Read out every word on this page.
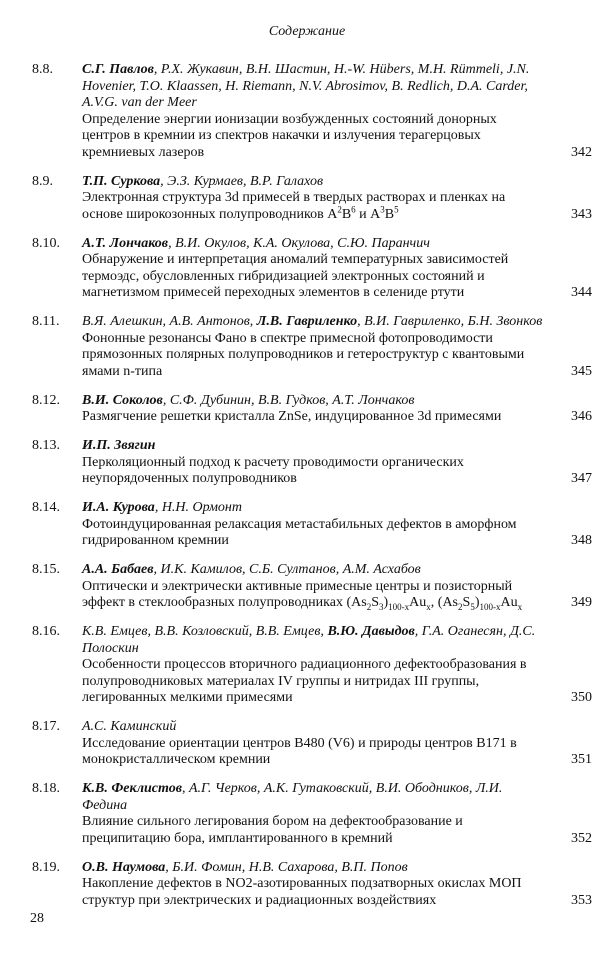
Содержание
8.8. С.Г. Павлов, Р.Х. Жукавин, В.Н. Шастин, H.-W. Hübers, M.H. Rümmeli, J.N. Hovenier, T.O. Klaassen, H. Riemann, N.V. Abrosimov, B. Redlich, D.A. Carder, A.V.G. van der Meer
Определение энергии ионизации возбужденных состояний донорных центров в кремнии из спектров накачки и излучения терагерцовых кремниевых лазеров	342
8.9. Т.П. Суркова, Э.З. Курмаев, В.Р. Галахов
Электронная структура 3d примесей в твердых растворах и пленках на основе широкозонных полупроводников $A^2B^6$ и $A^3B^5$	343
8.10. А.Т. Лончаков, В.И. Окулов, К.А. Окулова, С.Ю. Паранчич
Обнаружение и интерпретация аномалий температурных зависимостей термоэдс, обусловленных гибридизацией электронных состояний и магнетизмом примесей переходных элементов в селениде ртути	344
8.11. В.Я. Алешкин, А.В. Антонов, Л.В. Гавриленко, В.И. Гавриленко, Б.Н. Звонков
Фононные резонансы Фано в спектре примесной фотопроводимости прямозонных полярных полупроводников и гетероструктур с квантовыми ямами n-типа	345
8.12. В.И. Соколов, С.Ф. Дубинин, В.В. Гудков, А.Т. Лончаков
Размягчение решетки кристалла ZnSe, индуцированное 3d примесями	346
8.13. И.П. Звягин
Перколяционный подход к расчету проводимости органических неупорядоченных полупроводников	347
8.14. И.А. Курова, Н.Н. Ормонт
Фотоиндуцированная релаксация метастабильных дефектов в аморфном гидрированном кремнии	348
8.15. А.А. Бабаев, И.К. Камилов, С.Б. Султанов, А.М. Асхабов
Оптически и электрически активные примесные центры и позисторный эффект в стеклообразных полупроводниках $(As_2S_3)_{100-x}Au_x$, $(As_2S_5)_{100-x}Au_x$	349
8.16. К.В. Емцев, В.В. Козловский, В.В. Емцев, В.Ю. Давыдов, Г.А. Оганесян, Д.С. Полоскин
Особенности процессов вторичного радиационного дефектообразования в полупроводниковых материалах IV группы и нитридах III группы, легированных мелкими примесями	350
8.17. А.С. Каминский
Исследование ориентации центров B480 (V6) и природы центров B171 в монокристаллическом кремнии	351
8.18. К.В. Феклистов, А.Г. Черков, А.К. Гутаковский, В.И. Ободников, Л.И. Федина
Влияние сильного легирования бором на дефектообразование и преципитацию бора, имплантированного в кремний	352
8.19. О.В. Наумова, Б.И. Фомин, Н.В. Сахарова, В.П. Попов
Накопление дефектов в NO2-азотированных подзатворных окислах МОП структур при электрических и радиационных воздействиях	353
28
